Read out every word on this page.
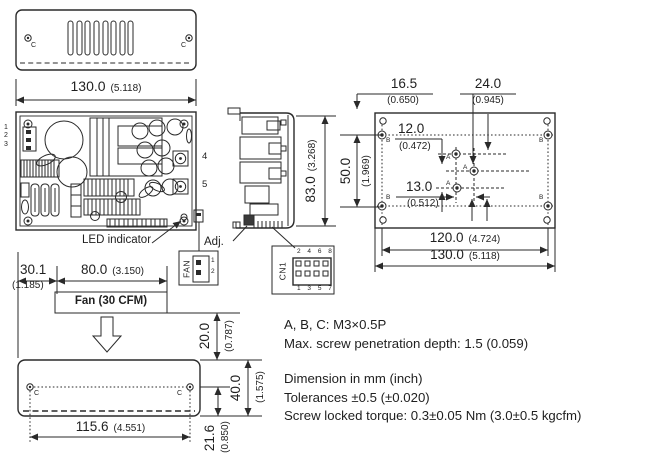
C	C
130.0 (5.118)
1
2
3
4
5
LED indicator	Adj.
FAN	1
2	CN1
2 4 6 8
1 3 5 7
30.1
(1.185)
80.0 (3.150)
Fan (30 CFM)
C	C
115.6 (4.551)
20.0 (0.787)
40.0 (1.575)
21.6 (0.850)
83.0
(3.268) 50.0 (1.969)
16.5
(0.650)
24.0
(0.945)
12.0
(0.472)
13.0
(0.512)
B	B
B	B
A
A
A
120.0 (4.724)
130.0 (5.118)
A, B, C: M3×0.5P
Max. screw penetration depth: 1.5 (0.059)
Dimension in mm (inch)
Tolerances ±0.5 (±0.020)
Screw locked torque: 0.3±0.05 Nm (3.0±0.5 kgcfm)
